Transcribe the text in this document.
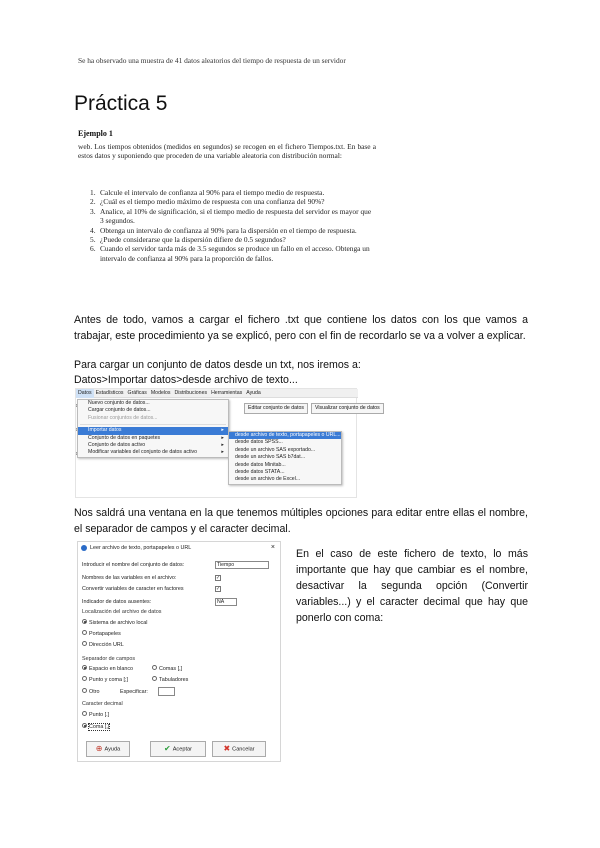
Práctica 5
Se ha observado una muestra de 41 datos aleatorios del tiempo de respuesta de un servidor
Ejemplo 1
web. Los tiempos obtenidos (medidos en segundos) se recogen en el fichero Tiempos.txt. En base a estos datos y suponiendo que proceden de una variable aleatoria con distribución normal:
1. Calcule el intervalo de confianza al 90% para el tiempo medio de respuesta.
2. ¿Cuál es el tiempo medio máximo de respuesta con una confianza del 90%?
3. Analice, al 10% de significación, si el tiempo medio de respuesta del servidor es mayor que 3 segundos.
4. Obtenga un intervalo de confianza al 90% para la dispersión en el tiempo de respuesta.
5. ¿Puede considerarse que la dispersión difiere de 0.5 segundos?
6. Cuando el servidor tarda más de 3.5 segundos se produce un fallo en el acceso. Obtenga un intervalo de confianza al 90% para la proporción de fallos.

Antes de todo, vamos a cargar el fichero .txt que contiene los datos con los que vamos a trabajar, este procedimiento ya se explicó, pero con el fin de recordarlo se va a volver a explicar.

Para cargar un conjunto de datos desde un txt, nos iremos a:

Datos>Importar datos>desde archivo de texto...

Datos Estadísticos Gráficas Modelos Distribuciones Herramientas Ayuda
Editar conjunto de datos Visualizar conjunto de datos
Nuevo conjunto de datos...
Cargar conjunto de datos...
Fusionar conjuntos de datos...
Importar datos	▸
Conjunto de datos en paquetes	▸
Conjunto de datos activo	▸
Modificar variables del conjunto de datos activo	▸
desde archivo de texto, portapapeles o URL...
desde datos SPSS...
desde un archivo SAS exportado...
desde un archivo SAS b7dat...
desde datos Minitab...
desde datos STATA...
desde un archivo de Excel...

Nos saldrá una ventana en la que tenemos múltiples opciones para editar entre ellas el nombre, el separador de campos y el caracter decimal.

Leer archivo de texto, portapapeles o URL	×
Introducir el nombre del conjunto de datos:	Tiempo
Nombres de las variables en el archivo:	✓
Convertir variables de caracter en factores	✓
Indicador de datos ausentes:	NA
Localización del archivo de datos
Sistema de archivo local
Portapapeles
Dirección URL
Separador de campos
Espacio en blanco	Comas [,]
Punto y coma [;]	Tabuladores
Otro	Especificar:
Caracter decimal
Punto [.]
Coma [,]
⊕ Ayuda	✔ Aceptar	✖ Cancelar

En el caso de este fichero de texto, lo más importante que hay que cambiar es el nombre, desactivar la segunda opción (Convertir variables...) y el caracter decimal que hay que ponerlo con coma:
